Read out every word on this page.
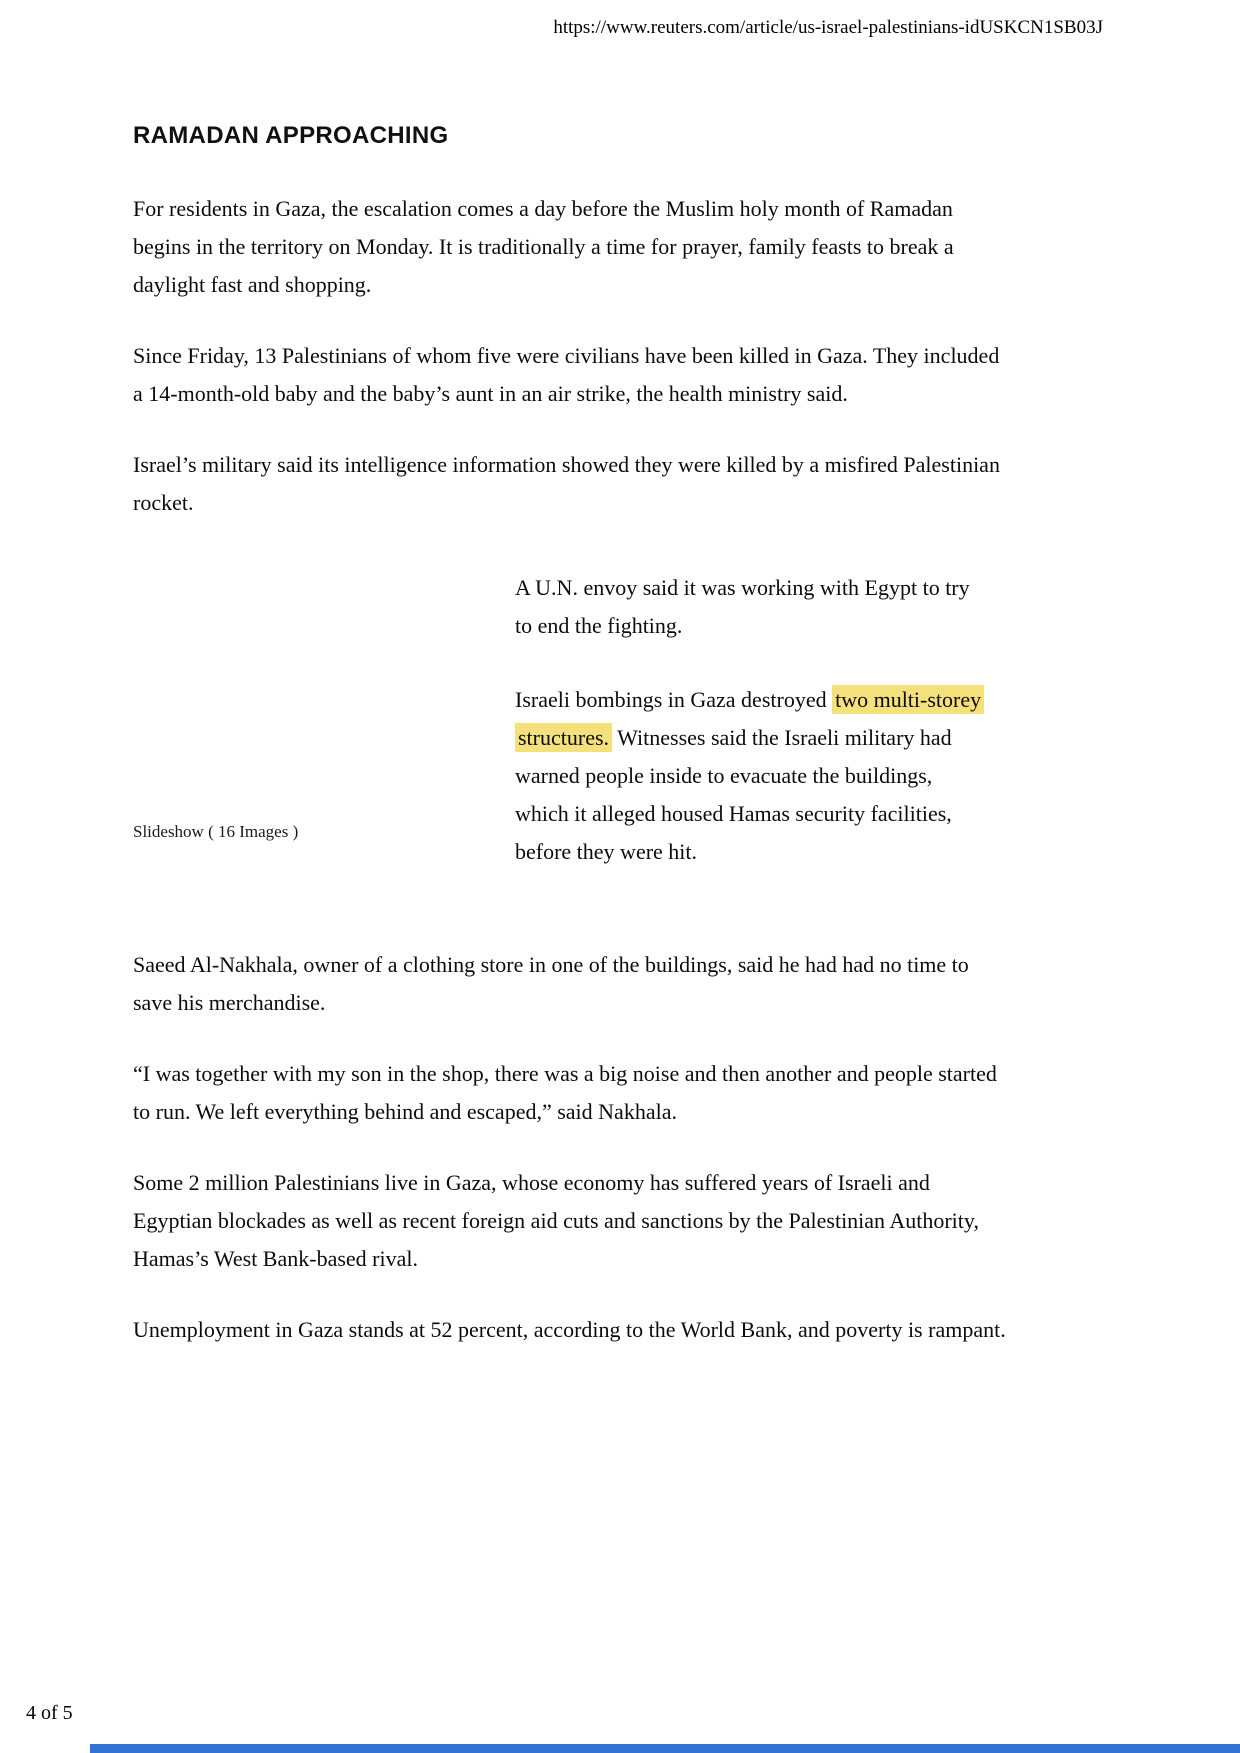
https://www.reuters.com/article/us-israel-palestinians-idUSKCN1SB03J
RAMADAN APPROACHING

For residents in Gaza, the escalation comes a day before the Muslim holy month of Ramadan begins in the territory on Monday. It is traditionally a time for prayer, family feasts to break a daylight fast and shopping.

Since Friday, 13 Palestinians of whom five were civilians have been killed in Gaza. They included a 14-month-old baby and the baby’s aunt in an air strike, the health ministry said.

Israel’s military said its intelligence information showed they were killed by a misfired Palestinian rocket.

Slideshow ( 16 Images )

A U.N. envoy said it was working with Egypt to try to end the fighting.

Israeli bombings in Gaza destroyed two multi-storey structures. Witnesses said the Israeli military had warned people inside to evacuate the buildings, which it alleged housed Hamas security facilities, before they were hit.

Saeed Al-Nakhala, owner of a clothing store in one of the buildings, said he had had no time to save his merchandise.

“I was together with my son in the shop, there was a big noise and then another and people started to run. We left everything behind and escaped,” said Nakhala.

Some 2 million Palestinians live in Gaza, whose economy has suffered years of Israeli and Egyptian blockades as well as recent foreign aid cuts and sanctions by the Palestinian Authority, Hamas’s West Bank-based rival.

Unemployment in Gaza stands at 52 percent, according to the World Bank, and poverty is rampant.

4 of 5
